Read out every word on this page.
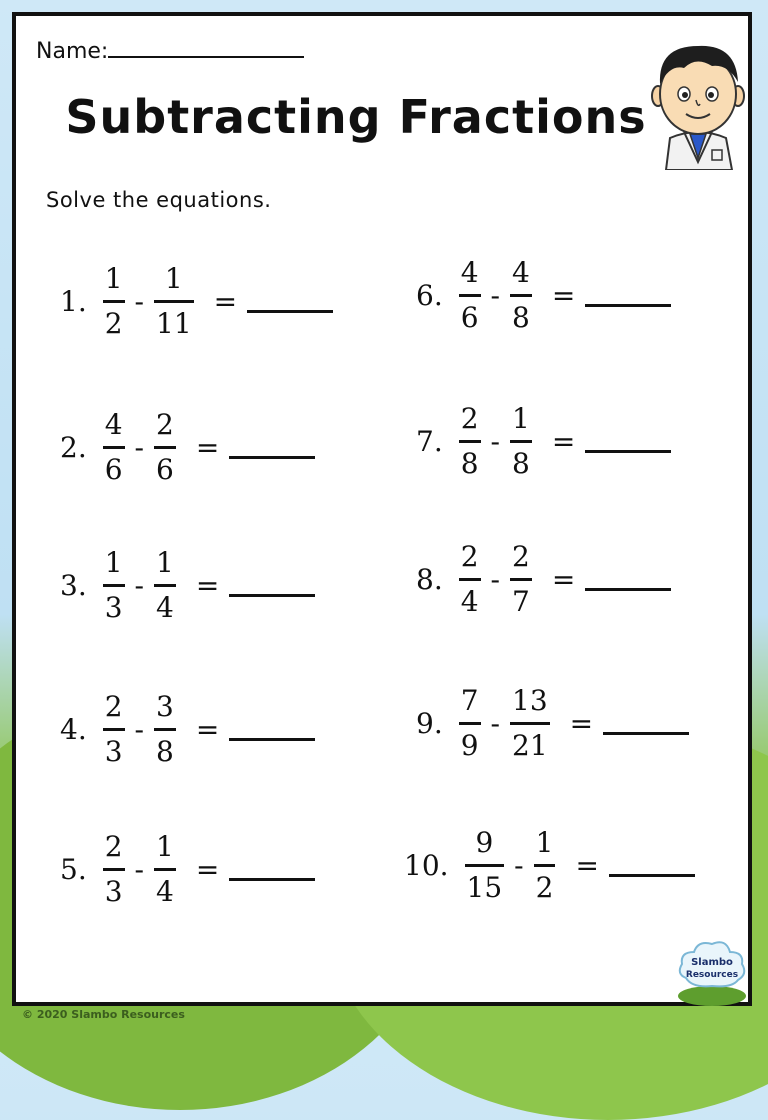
Name:
Subtracting Fractions
Solve the equations.
1. $\frac{1}{2} - \frac{1}{11}$ =
2. $\frac{4}{6} - \frac{2}{6}$ =
3. $\frac{1}{3} - \frac{1}{4}$ =
4. $\frac{2}{3} - \frac{3}{8}$ =
5. $\frac{2}{3} - \frac{1}{4}$ =
6. $\frac{4}{6} - \frac{4}{8}$ =
7. $\frac{2}{8} - \frac{1}{8}$ =
8. $\frac{2}{4} - \frac{2}{7}$ =
9. $\frac{7}{9} - \frac{13}{21}$ =
10. $\frac{9}{15} - \frac{1}{2}$ =
Slambo
Resources
© 2020 Slambo Resources
